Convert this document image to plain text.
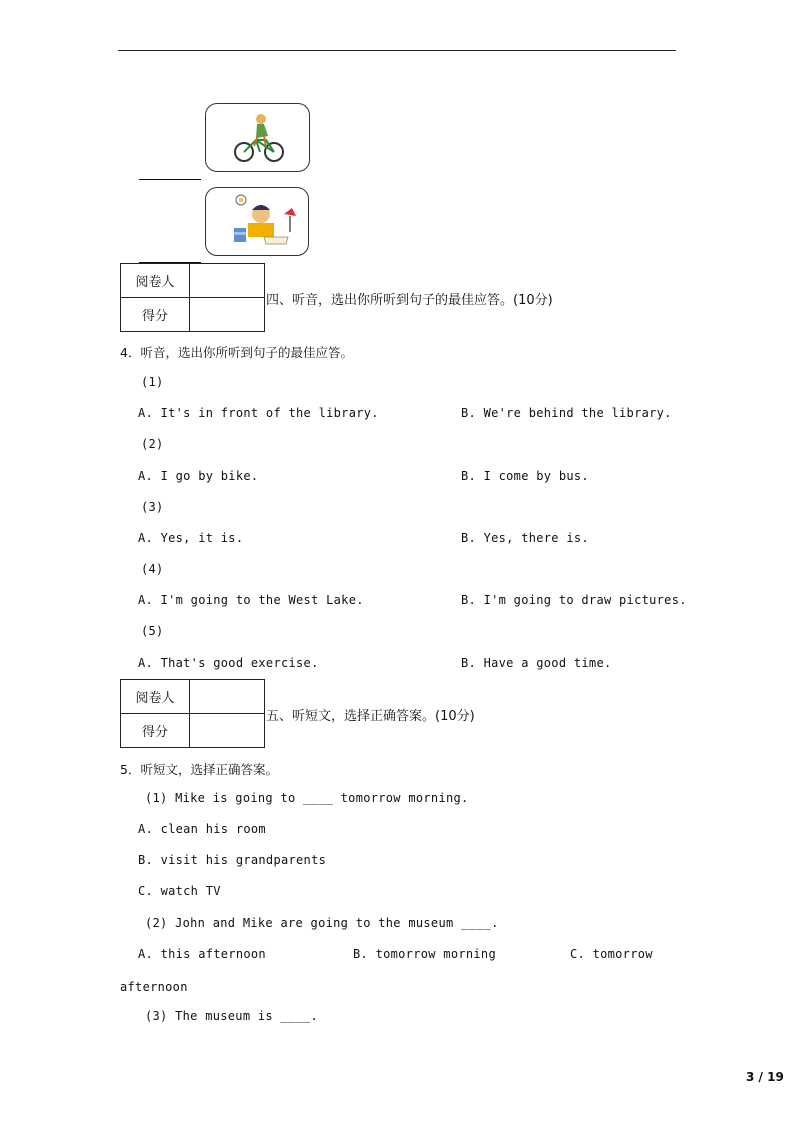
阅卷人	
得分	
四、听音，选出你所听到句子的最佳应答。(10分)
4．听音，选出你所听到句子的最佳应答。
(1)
A. It's in front of the library.	B. We're behind the library.
(2)
A. I go by bike.	B. I come by bus.
(3)
A. Yes, it is.	B. Yes, there is.
(4)
A. I'm going to the West Lake.	B. I'm going to draw pictures.
(5)
A. That's good exercise.	B. Have a good time.
阅卷人	
得分	
五、听短文，选择正确答案。(10分)
5．听短文，选择正确答案。
(1) Mike is going to ____ tomorrow morning.
A. clean his room
B. visit his grandparents
C. watch TV
(2) John and Mike are going to the museum ____.
A. this afternoon	B. tomorrow morning	C. tomorrow
afternoon
(3) The museum is ____.
3 / 19
